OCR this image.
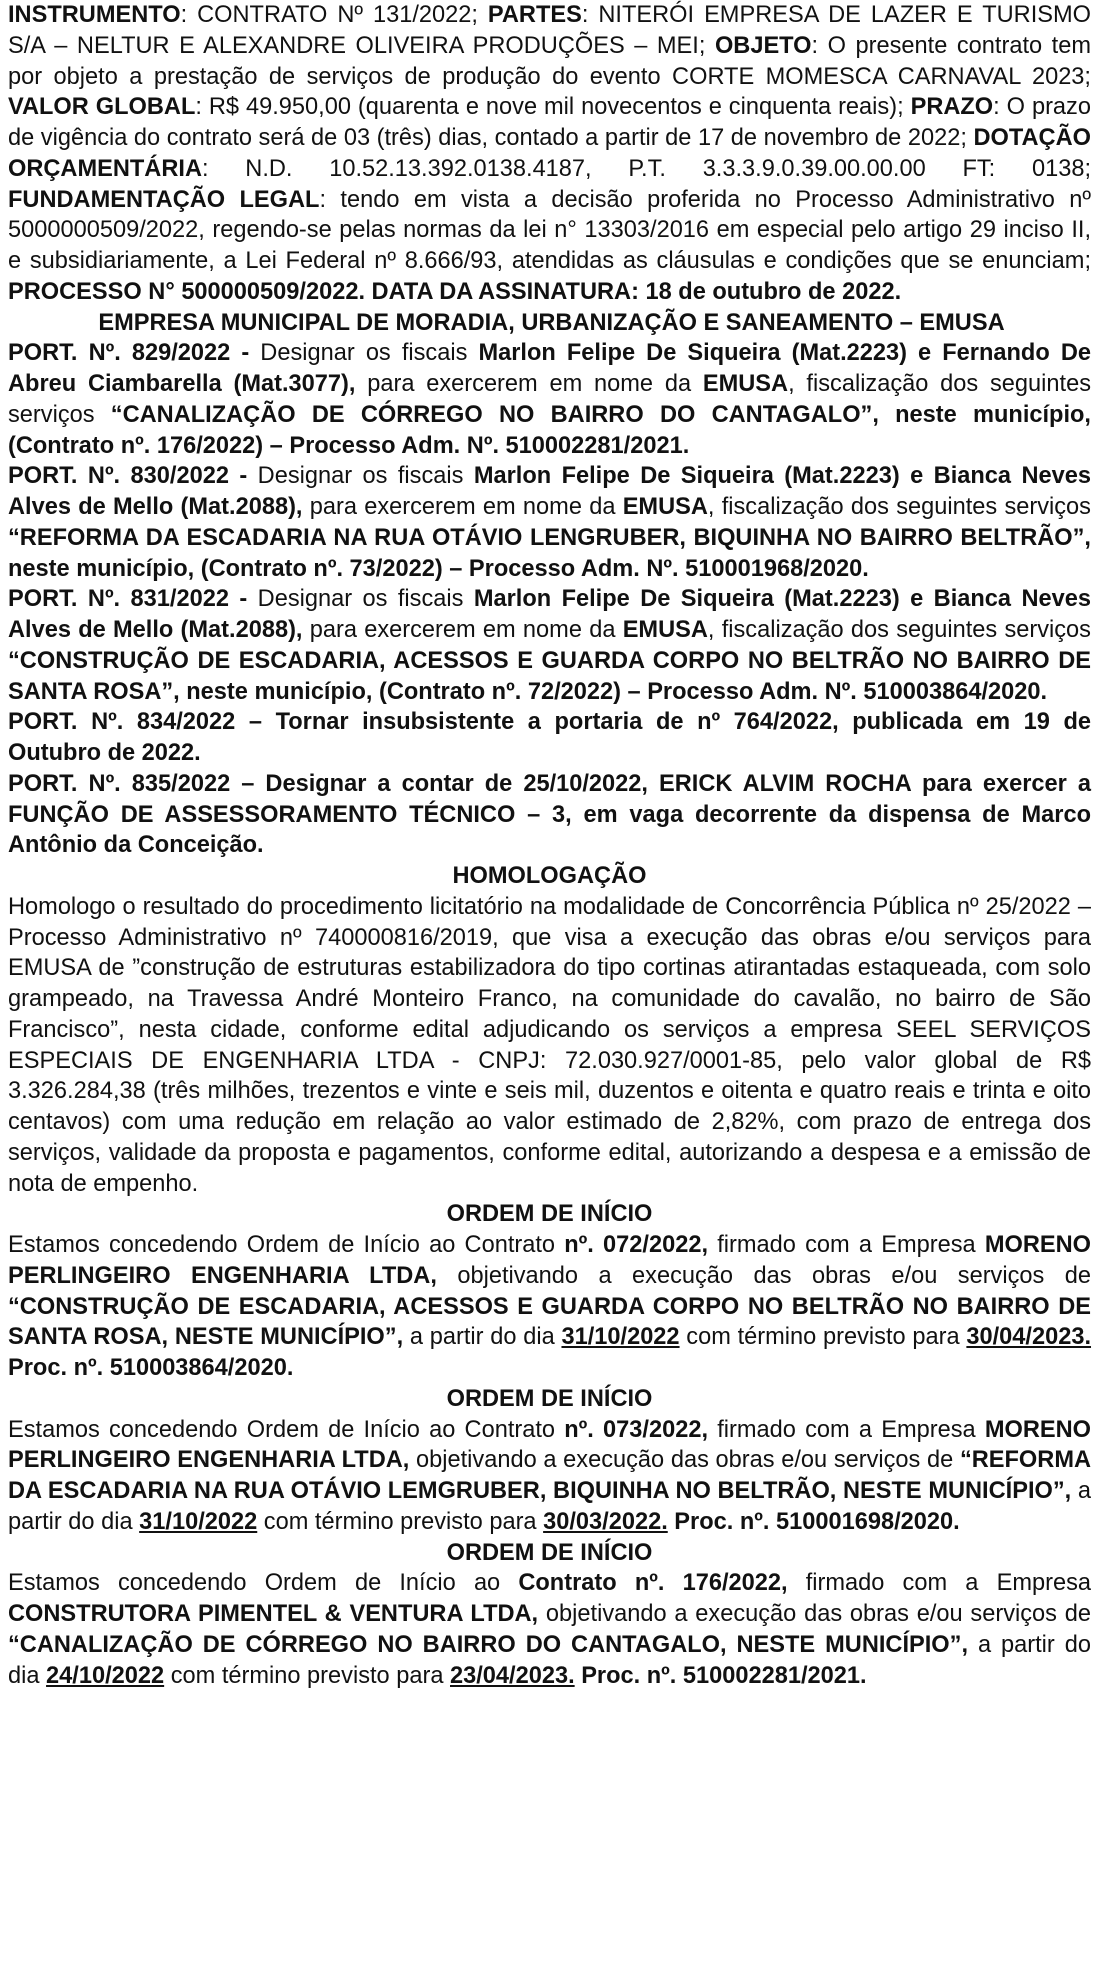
INSTRUMENTO: CONTRATO Nº 131/2022; PARTES: NITERÓI EMPRESA DE LAZER E TURISMO S/A – NELTUR E ALEXANDRE OLIVEIRA PRODUÇÕES – MEI; OBJETO: O presente contrato tem por objeto a prestação de serviços de produção do evento CORTE MOMESCA CARNAVAL 2023; VALOR GLOBAL: R$ 49.950,00 (quarenta e nove mil novecentos e cinquenta reais); PRAZO: O prazo de vigência do contrato será de 03 (três) dias, contado a partir de 17 de novembro de 2022; DOTAÇÃO ORÇAMENTÁRIA: N.D. 10.52.13.392.0138.4187, P.T. 3.3.3.9.0.39.00.00.00 FT: 0138; FUNDAMENTAÇÃO LEGAL: tendo em vista a decisão proferida no Processo Administrativo nº 5000000509/2022, regendo-se pelas normas da lei n° 13303/2016 em especial pelo artigo 29 inciso II, e subsidiariamente, a Lei Federal nº 8.666/93, atendidas as cláusulas e condições que se enunciam; PROCESSO N° 500000509/2022. DATA DA ASSINATURA: 18 de outubro de 2022.

EMPRESA MUNICIPAL DE MORADIA, URBANIZAÇÃO E SANEAMENTO – EMUSA

PORT. Nº. 829/2022 - Designar os fiscais Marlon Felipe De Siqueira (Mat.2223) e Fernando De Abreu Ciambarella (Mat.3077), para exercerem em nome da EMUSA, fiscalização dos seguintes serviços “CANALIZAÇÃO DE CÓRREGO NO BAIRRO DO CANTAGALO”, neste município, (Contrato nº. 176/2022) – Processo Adm. Nº. 510002281/2021.

PORT. Nº. 830/2022 - Designar os fiscais Marlon Felipe De Siqueira (Mat.2223) e Bianca Neves Alves de Mello (Mat.2088), para exercerem em nome da EMUSA, fiscalização dos seguintes serviços “REFORMA DA ESCADARIA NA RUA OTÁVIO LENGRUBER, BIQUINHA NO BAIRRO BELTRÃO”, neste município, (Contrato nº. 73/2022) – Processo Adm. Nº. 510001968/2020.

PORT. Nº. 831/2022 - Designar os fiscais Marlon Felipe De Siqueira (Mat.2223) e Bianca Neves Alves de Mello (Mat.2088), para exercerem em nome da EMUSA, fiscalização dos seguintes serviços “CONSTRUÇÃO DE ESCADARIA, ACESSOS E GUARDA CORPO NO BELTRÃO NO BAIRRO DE SANTA ROSA”, neste município, (Contrato nº. 72/2022) – Processo Adm. Nº. 510003864/2020.

PORT. Nº. 834/2022 – Tornar insubsistente a portaria de nº 764/2022, publicada em 19 de Outubro de 2022.

PORT. Nº. 835/2022 – Designar a contar de 25/10/2022, ERICK ALVIM ROCHA para exercer a FUNÇÃO DE ASSESSORAMENTO TÉCNICO – 3, em vaga decorrente da dispensa de Marco Antônio da Conceição.

HOMOLOGAÇÃO

Homologo o resultado do procedimento licitatório na modalidade de Concorrência Pública nº 25/2022 – Processo Administrativo nº 740000816/2019, que visa a execução das obras e/ou serviços para EMUSA de ”construção de estruturas estabilizadora do tipo cortinas atirantadas estaqueada, com solo grampeado, na Travessa André Monteiro Franco, na comunidade do cavalão, no bairro de São Francisco”, nesta cidade, conforme edital adjudicando os serviços a empresa SEEL SERVIÇOS ESPECIAIS DE ENGENHARIA LTDA - CNPJ: 72.030.927/0001-85, pelo valor global de R$ 3.326.284,38 (três milhões, trezentos e vinte e seis mil, duzentos e oitenta e quatro reais e trinta e oito centavos) com uma redução em relação ao valor estimado de 2,82%, com prazo de entrega dos serviços, validade da proposta e pagamentos, conforme edital, autorizando a despesa e a emissão de nota de empenho.

ORDEM DE INÍCIO

Estamos concedendo Ordem de Início ao Contrato nº. 072/2022, firmado com a Empresa MORENO PERLINGEIRO ENGENHARIA LTDA, objetivando a execução das obras e/ou serviços de “CONSTRUÇÃO DE ESCADARIA, ACESSOS E GUARDA CORPO NO BELTRÃO NO BAIRRO DE SANTA ROSA, NESTE MUNICÍPIO”, a partir do dia 31/10/2022 com término previsto para 30/04/2023. Proc. nº. 510003864/2020.

ORDEM DE INÍCIO

Estamos concedendo Ordem de Início ao Contrato nº. 073/2022, firmado com a Empresa MORENO PERLINGEIRO ENGENHARIA LTDA, objetivando a execução das obras e/ou serviços de “REFORMA DA ESCADARIA NA RUA OTÁVIO LEMGRUBER, BIQUINHA NO BELTRÃO, NESTE MUNICÍPIO”, a partir do dia 31/10/2022 com término previsto para 30/03/2022. Proc. nº. 510001698/2020.

ORDEM DE INÍCIO

Estamos concedendo Ordem de Início ao Contrato nº. 176/2022, firmado com a Empresa CONSTRUTORA PIMENTEL & VENTURA LTDA, objetivando a execução das obras e/ou serviços de “CANALIZAÇÃO DE CÓRREGO NO BAIRRO DO CANTAGALO, NESTE MUNICÍPIO”, a partir do dia 24/10/2022 com término previsto para 23/04/2023. Proc. nº. 510002281/2021.
